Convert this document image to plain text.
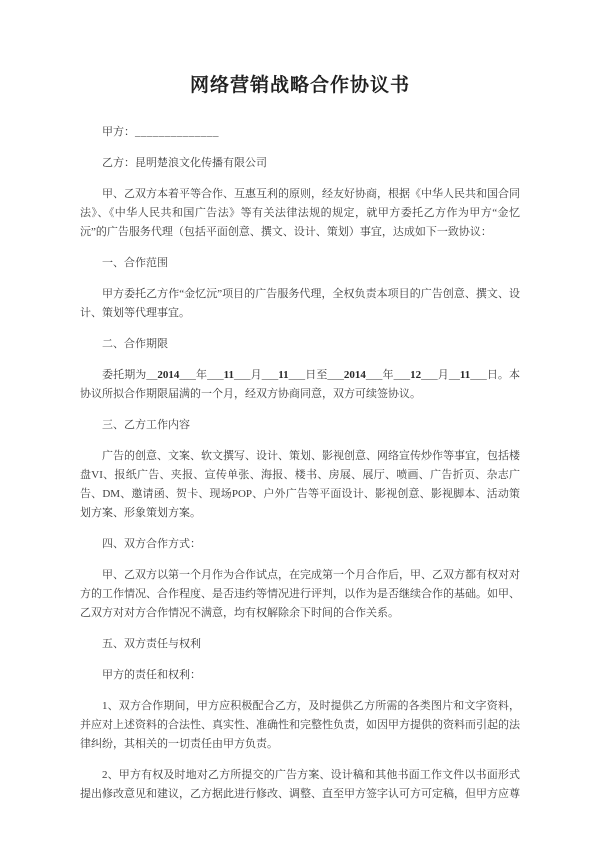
网络营销战略合作协议书

甲方：______________

乙方：昆明楚浪文化传播有限公司

甲、乙双方本着平等合作、互惠互利的原则，经友好协商，根据《中华人民共和国合同法》、《中华人民共和国广告法》等有关法律法规的规定，就甲方委托乙方作为甲方“金忆沅”的广告服务代理（包括平面创意、撰文、设计、策划）事宜，达成如下一致协议：

一、合作范围

甲方委托乙方作“金忆沅”项目的广告服务代理，全权负责本项目的广告创意、撰文、设计、策划等代理事宜。

二、合作期限

委托期为__2014___年___11___月___11___日至___2014___年___12___月__11___日。本协议所拟合作期限届满的一个月，经双方协商同意，双方可续签协议。

三、乙方工作内容

广告的创意、文案、软文撰写、设计、策划、影视创意、网络宣传炒作等事宜，包括楼盘VI、报纸广告、夹报、宣传单张、海报、楼书、房展、展厅、喷画、广告折页、杂志广告、DM、邀请函、贺卡、现场POP、户外广告等平面设计、影视创意、影视脚本、活动策划方案、形象策划方案。

四、双方合作方式：

甲、乙双方以第一个月作为合作试点，在完成第一个月合作后，甲、乙双方都有权对对方的工作情况、合作程度、是否违约等情况进行评判，以作为是否继续合作的基础。如甲、乙双方对对方合作情况不满意，均有权解除余下时间的合作关系。

五、双方责任与权利

甲方的责任和权利：

1、双方合作期间，甲方应积极配合乙方，及时提供乙方所需的各类图片和文字资料，并应对上述资料的合法性、真实性、准确性和完整性负责，如因甲方提供的资料而引起的法律纠纷，其相关的一切责任由甲方负责。

2、甲方有权及时地对乙方所提交的广告方案、设计稿和其他书面工作文件以书面形式提出修改意见和建议，乙方据此进行修改、调整、直至甲方签字认可方可定稿，但甲方应尊
